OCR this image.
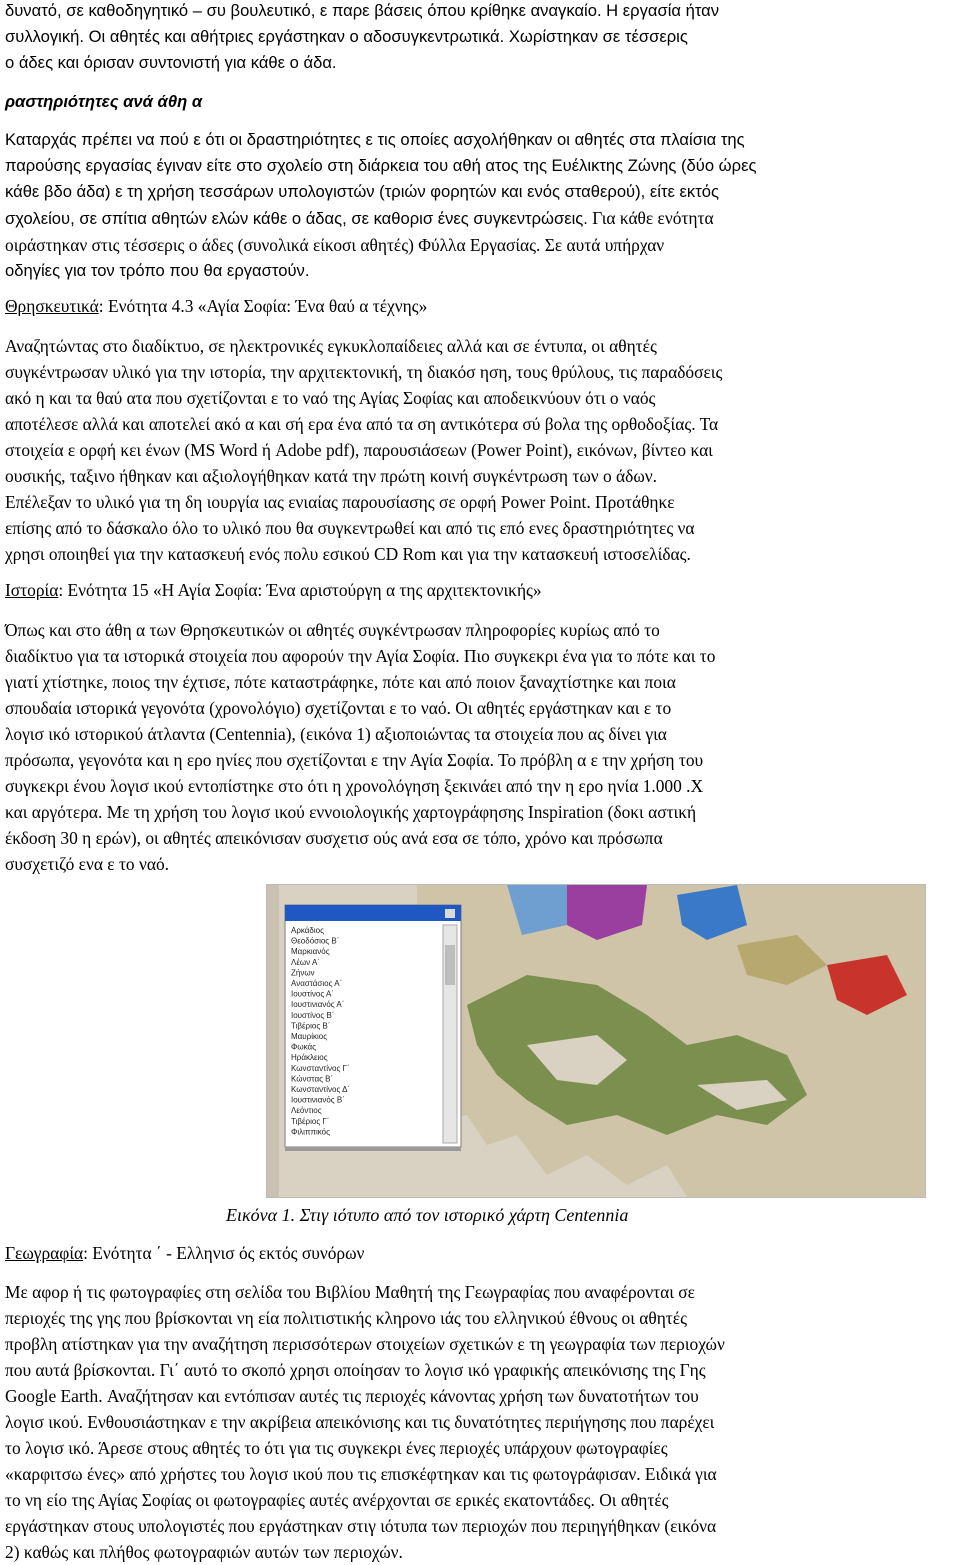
δυνατό, σε καθοδηγητικό – συ βουλευτικό, ε παρε βάσεις όπου κρίθηκε αναγκαίο. Η εργασία ήταν
συλλογική. Οι αθητές και αθήτριες εργάστηκαν ο αδοσυγκεντρωτικά. Χωρίστηκαν σε τέσσερις
ο άδες και όρισαν συντονιστή για κάθε ο άδα.
ραστηριότητες ανά άθη α
Καταρχάς πρέπει να πού ε ότι οι δραστηριότητες ε τις οποίες ασχολήθηκαν οι αθητές στα πλαίσια της
παρούσης εργασίας έγιναν είτε στο σχολείο στη διάρκεια του αθή ατος της Ευέλικτης Ζώνης (δύο ώρες
κάθε βδο άδα) ε τη χρήση τεσσάρων υπολογιστών (τριών φορητών και ενός σταθερού), είτε εκτός
σχολείου, σε σπίτια αθητών ελών κάθε ο άδας, σε καθορισ ένες συγκεντρώσεις. Για κάθε ενότητα
οιράστηκαν στις τέσσερις ο άδες (συνολικά είκοσι αθητές) Φύλλα Εργασίας. Σε αυτά υπήρχαν
οδηγίες για τον τρόπο που θα εργαστούν.
Θρησκευτικά: Ενότητα 4.3 «Αγία Σοφία: Ένα θαύ α τέχνης»
Αναζητώντας στο διαδίκτυο, σε ηλεκτρονικές εγκυκλοπαίδειες αλλά και σε έντυπα, οι αθητές
συγκέντρωσαν υλικό για την ιστορία, την αρχιτεκτονική, τη διακόσ ηση, τους θρύλους, τις παραδόσεις
ακό η και τα θαύ ατα που σχετίζονται ε το ναό της Αγίας Σοφίας και αποδεικνύουν ότι ο ναός
αποτέλεσε αλλά και αποτελεί ακό α και σή ερα ένα από τα ση αντικότερα σύ βολα της ορθοδοξίας. Τα
στοιχεία ε ορφή κει ένων (MS Word ή Adobe pdf), παρουσιάσεων (Power Point), εικόνων, βίντεο και
ουσικής, ταξινο ήθηκαν και αξιολογήθηκαν κατά την πρώτη κοινή συγκέντρωση των ο άδων.
Επέλεξαν το υλικό για τη δη ιουργία ιας ενιαίας παρουσίασης σε ορφή Power Point. Προτάθηκε
επίσης από το δάσκαλο όλο το υλικό που θα συγκεντρωθεί και από τις επό ενες δραστηριότητες να
χρησι οποιηθεί για την κατασκευή ενός πολυ εσικού CD Rom και για την κατασκευή ιστοσελίδας.
Ιστορία: Ενότητα 15 «Η Αγία Σοφία: Ένα αριστούργη α της αρχιτεκτονικής»
Όπως και στο άθη α των Θρησκευτικών οι αθητές συγκέντρωσαν πληροφορίες κυρίως από το
διαδίκτυο για τα ιστορικά στοιχεία που αφορούν την Αγία Σοφία. Πιο συγκεκρι ένα για το πότε και το
γιατί χτίστηκε, ποιος την έχτισε, πότε καταστράφηκε, πότε και από ποιον ξαναχτίστηκε και ποια
σπουδαία ιστορικά γεγονότα (χρονολόγιο) σχετίζονται ε το ναό. Οι αθητές εργάστηκαν και ε το
λογισ ικό ιστορικού άτλαντα (Centennia), (εικόνα 1) αξιοποιώντας τα στοιχεία που ας δίνει για
πρόσωπα, γεγονότα και η ερο ηνίες που σχετίζονται ε την Αγία Σοφία. Το πρόβλη α ε την χρήση του
συγκεκρι ένου λογισ ικού εντοπίστηκε στο ότι η χρονολόγηση ξεκινάει από την η ερο ηνία 1.000 .Χ
και αργότερα. Με τη χρήση του λογισ ικού εννοιολογικής χαρτογράφησης Inspiration (δοκι αστική
έκδοση 30 η ερών), οι αθητές απεικόνισαν συσχετισ ούς ανά εσα σε τόπο, χρόνο και πρόσωπα
συσχετιζό ενα ε το ναό.
Αρκάδιος
Θεοδόσιος Β΄
Μαρκιανός
Λέων Α΄
Ζήνων
Αναστάσιος Α΄
Ιουστίνος Α΄
Ιουστινιανός Α΄
Ιουστίνος Β΄
Τιβέριος Β΄
Μαυρίκιος
Φωκάς
Ηράκλειος
Κωνσταντίνος Γ΄
Κώνστας Β΄
Κωνσταντίνος Δ΄
Ιουστινιανός Β΄
Λεόντιος
Τιβέριος Γ΄
Φιλιππικός
Εικόνα 1. Στιγ ιότυπο από τον ιστορικό χάρτη Centennia
Γεωγραφία: Ενότητα ΄ - Ελληνισ ός εκτός συνόρων
Με αφορ ή τις φωτογραφίες στη σελίδα του Βιβλίου Μαθητή της Γεωγραφίας που αναφέρονται σε
περιοχές της γης που βρίσκονται νη εία πολιτιστικής κληρονο ιάς του ελληνικού έθνους οι αθητές
προβλη ατίστηκαν για την αναζήτηση περισσότερων στοιχείων σχετικών ε τη γεωγραφία των περιοχών
που αυτά βρίσκονται. Γι΄ αυτό το σκοπό χρησι οποίησαν το λογισ ικό γραφικής απεικόνισης της Γης
Google Earth. Αναζήτησαν και εντόπισαν αυτές τις περιοχές κάνοντας χρήση των δυνατοτήτων του
λογισ ικού. Ενθουσιάστηκαν ε την ακρίβεια απεικόνισης και τις δυνατότητες περιήγησης που παρέχει
το λογισ ικό. Άρεσε στους αθητές το ότι για τις συγκεκρι ένες περιοχές υπάρχουν φωτογραφίες
«καρφιτσω ένες» από χρήστες του λογισ ικού που τις επισκέφτηκαν και τις φωτογράφισαν. Ειδικά για
το νη είο της Αγίας Σοφίας οι φωτογραφίες αυτές ανέρχονται σε ερικές εκατοντάδες. Οι αθητές
εργάστηκαν στους υπολογιστές που εργάστηκαν στιγ ιότυπα των περιοχών που περιηγήθηκαν (εικόνα
2) καθώς και πλήθος φωτογραφιών αυτών των περιοχών.
